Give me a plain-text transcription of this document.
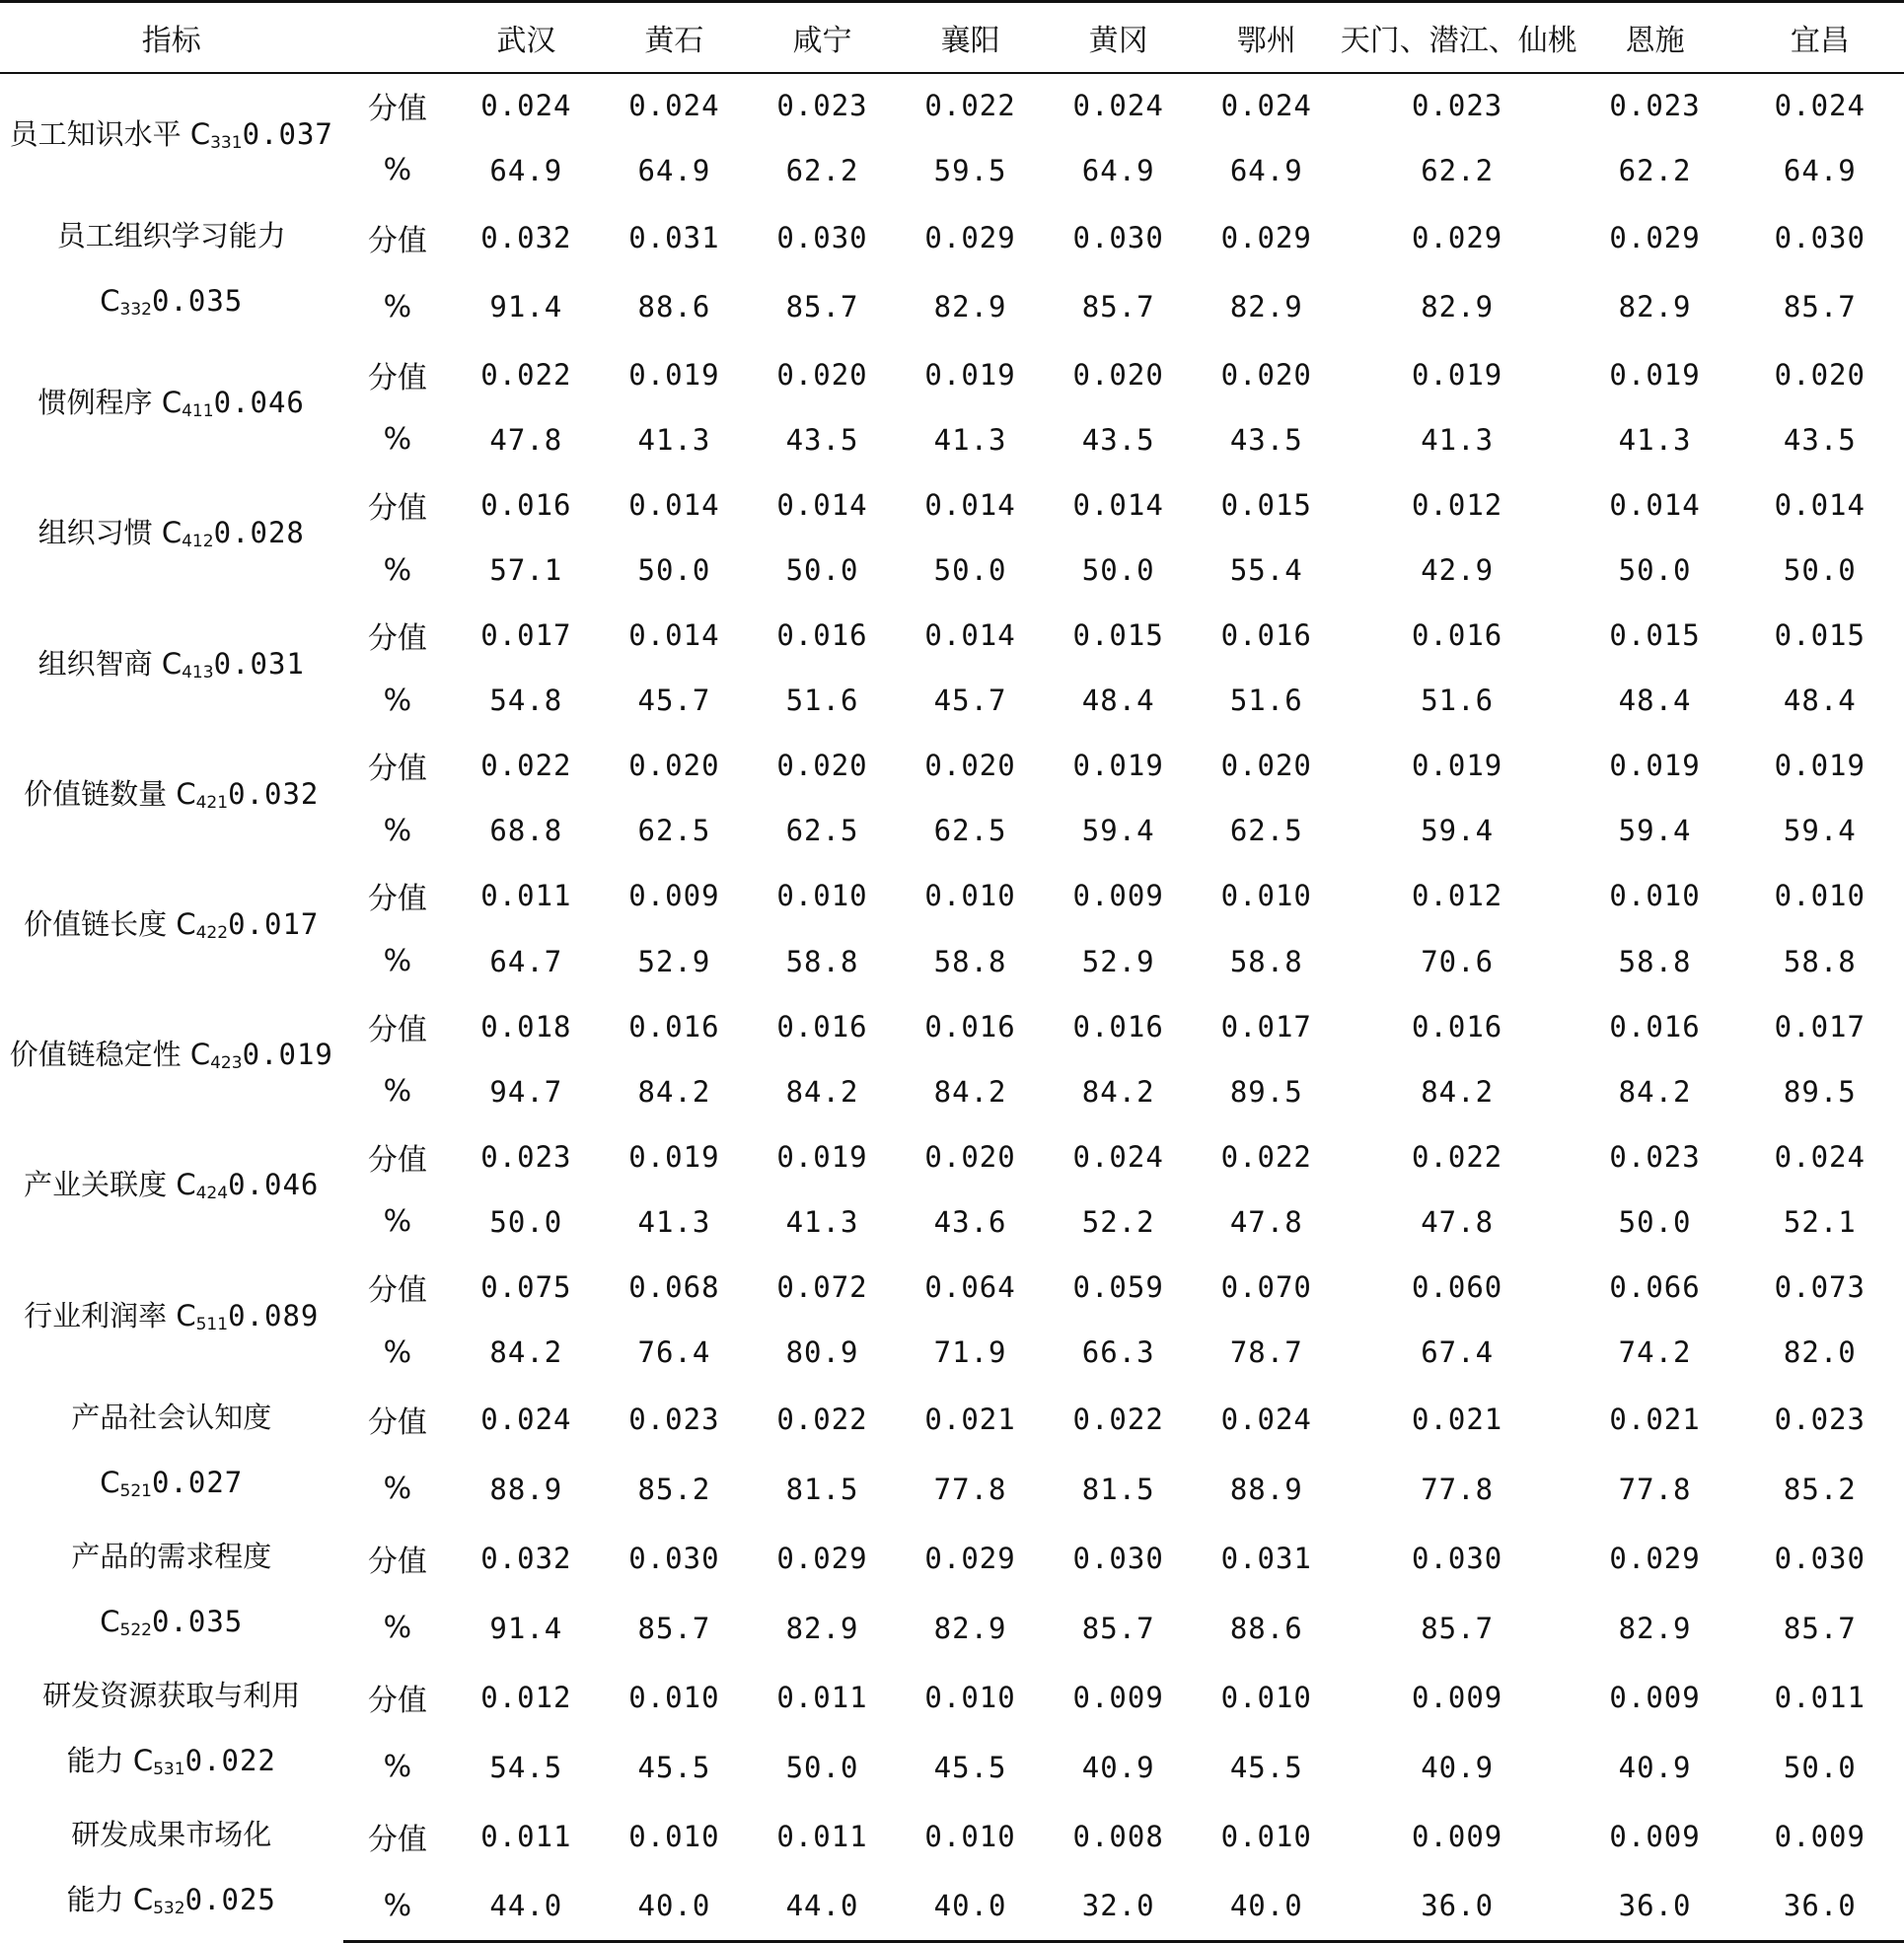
指标		武汉	黄石	咸宁	襄阳	黄冈	鄂州	天门、潜江、仙桃	恩施	宜昌
员工知识水平 $C_{331}0.037$	分值	0.024	0.024	0.023	0.022	0.024	0.024	0.023	0.023	0.024
	%	64.9	64.9	62.2	59.5	64.9	64.9	62.2	62.2	64.9

员工组织学习能力
$C_{332}0.035$	分值	0.032	0.031	0.030	0.029	0.030	0.029	0.029	0.029	0.030
	%	91.4	88.6	85.7	82.9	85.7	82.9	82.9	82.9	85.7
惯例程序 $C_{411}0.046$	分值	0.022	0.019	0.020	0.019	0.020	0.020	0.019	0.019	0.020
	%	47.8	41.3	43.5	41.3	43.5	43.5	41.3	41.3	43.5
组织习惯 $C_{412}0.028$	分值	0.016	0.014	0.014	0.014	0.014	0.015	0.012	0.014	0.014
	%	57.1	50.0	50.0	50.0	50.0	55.4	42.9	50.0	50.0
组织智商 $C_{413}0.031$	分值	0.017	0.014	0.016	0.014	0.015	0.016	0.016	0.015	0.015
	%	54.8	45.7	51.6	45.7	48.4	51.6	51.6	48.4	48.4
价值链数量 $C_{421}0.032$	分值	0.022	0.020	0.020	0.020	0.019	0.020	0.019	0.019	0.019
	%	68.8	62.5	62.5	62.5	59.4	62.5	59.4	59.4	59.4
价值链长度 $C_{422}0.017$	分值	0.011	0.009	0.010	0.010	0.009	0.010	0.012	0.010	0.010
	%	64.7	52.9	58.8	58.8	52.9	58.8	70.6	58.8	58.8
价值链稳定性 $C_{423}0.019$	分值	0.018	0.016	0.016	0.016	0.016	0.017	0.016	0.016	0.017
	%	94.7	84.2	84.2	84.2	84.2	89.5	84.2	84.2	89.5
产业关联度 $C_{424}0.046$	分值	0.023	0.019	0.019	0.020	0.024	0.022	0.022	0.023	0.024
	%	50.0	41.3	41.3	43.6	52.2	47.8	47.8	50.0	52.1
行业利润率 $C_{511}0.089$	分值	0.075	0.068	0.072	0.064	0.059	0.070	0.060	0.066	0.073
	%	84.2	76.4	80.9	71.9	66.3	78.7	67.4	74.2	82.0

产品社会认知度
$C_{521}0.027$	分值	0.024	0.023	0.022	0.021	0.022	0.024	0.021	0.021	0.023
	%	88.9	85.2	81.5	77.8	81.5	88.9	77.8	77.8	85.2

产品的需求程度
$C_{522}0.035$	分值	0.032	0.030	0.029	0.029	0.030	0.031	0.030	0.029	0.030
	%	91.4	85.7	82.9	82.9	85.7	88.6	85.7	82.9	85.7

研发资源获取与利用
能力 $C_{531}0.022$	分值	0.012	0.010	0.011	0.010	0.009	0.010	0.009	0.009	0.011
	%	54.5	45.5	50.0	45.5	40.9	45.5	40.9	40.9	50.0

研发成果市场化
能力 $C_{532}0.025$	分值	0.011	0.010	0.011	0.010	0.008	0.010	0.009	0.009	0.009
	%	44.0	40.0	44.0	40.0	32.0	40.0	36.0	36.0	36.0
